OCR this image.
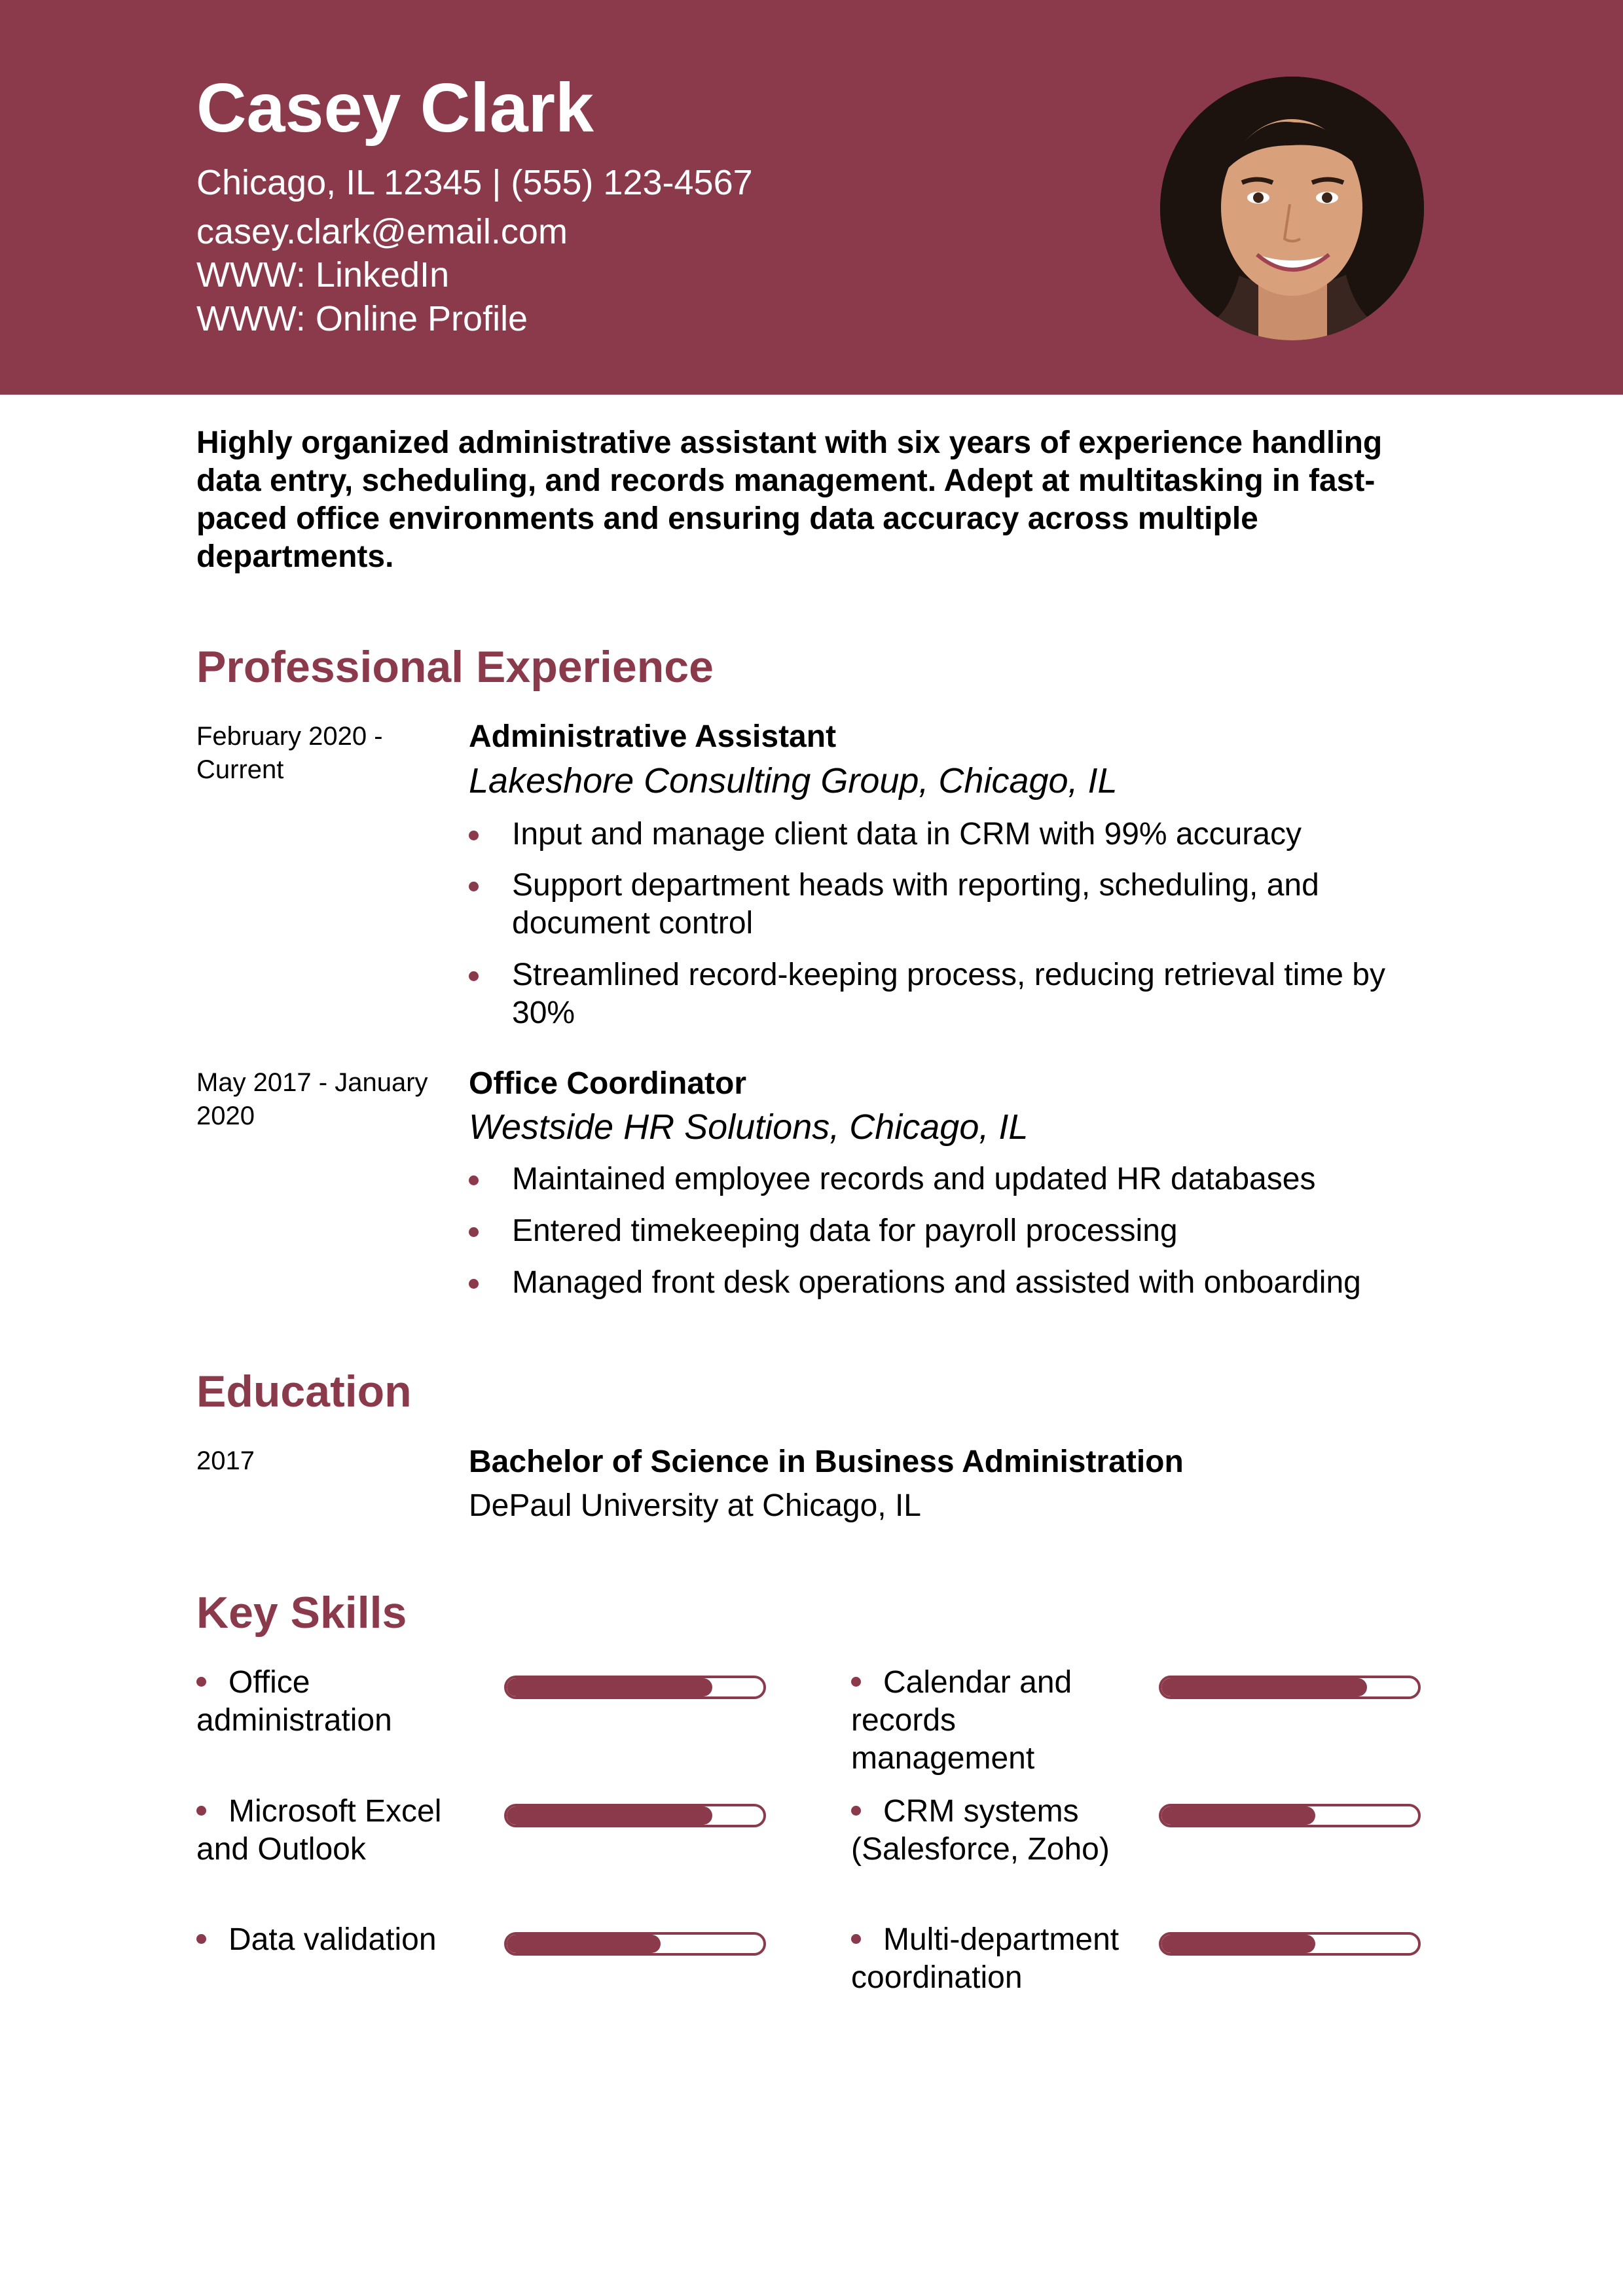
Casey Clark
Chicago, IL 12345 | (555) 123-4567
casey.clark@email.com
WWW: LinkedIn
WWW: Online Profile
Highly organized administrative assistant with six years of experience handling data entry, scheduling, and records management. Adept at multitasking in fast-paced office environments and ensuring data accuracy across multiple departments.
Professional Experience
February 2020 - Current
Administrative Assistant
Lakeshore Consulting Group, Chicago, IL
Input and manage client data in CRM with 99% accuracy
Support department heads with reporting, scheduling, and document control
Streamlined record-keeping process, reducing retrieval time by 30%
May 2017 - January 2020
Office Coordinator
Westside HR Solutions, Chicago, IL
Maintained employee records and updated HR databases
Entered timekeeping data for payroll processing
Managed front desk operations and assisted with onboarding
Education
2017	Bachelor of Science in Business Administration
DePaul University at Chicago, IL
Key Skills
Office administration
Calendar and records management
Microsoft Excel and Outlook
CRM systems (Salesforce, Zoho)
Data validation	Multi-department coordination
